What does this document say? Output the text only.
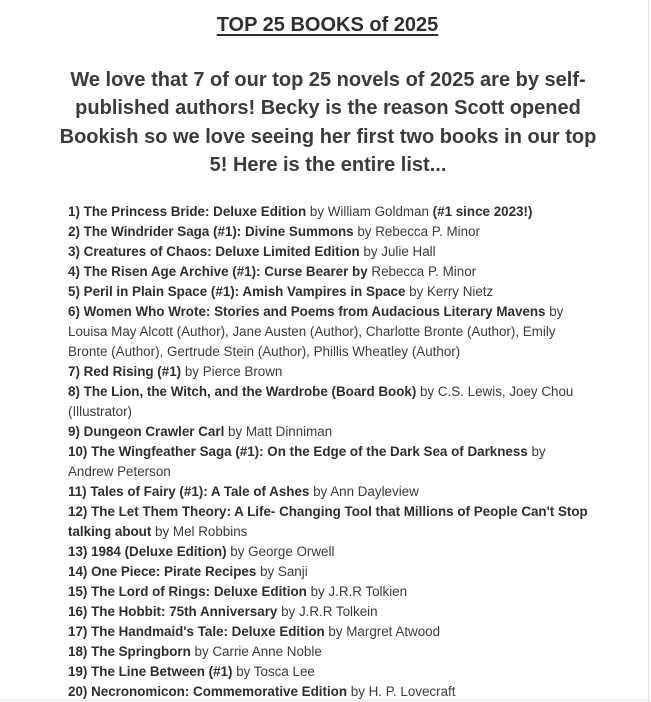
TOP 25 BOOKS of 2025

We love that 7 of our top 25 novels of 2025 are by self-published authors! Becky is the reason Scott opened Bookish so we love seeing her first two books in our top 5! Here is the entire list...

1) The Princess Bride: Deluxe Edition by William Goldman (#1 since 2023!)
2) The Windrider Saga (#1): Divine Summons by Rebecca P. Minor
3) Creatures of Chaos: Deluxe Limited Edition by Julie Hall
4) The Risen Age Archive (#1): Curse Bearer by Rebecca P. Minor
5) Peril in Plain Space (#1): Amish Vampires in Space by Kerry Nietz
6) Women Who Wrote: Stories and Poems from Audacious Literary Mavens by Louisa May Alcott (Author), Jane Austen (Author), Charlotte Bronte (Author), Emily Bronte (Author), Gertrude Stein (Author), Phillis Wheatley (Author)
7) Red Rising (#1) by Pierce Brown
8) The Lion, the Witch, and the Wardrobe (Board Book) by C.S. Lewis, Joey Chou (Illustrator)
9) Dungeon Crawler Carl by Matt Dinniman
10) The Wingfeather Saga (#1): On the Edge of the Dark Sea of Darkness by Andrew Peterson
11) Tales of Fairy (#1): A Tale of Ashes by Ann Dayleview
12) The Let Them Theory: A Life- Changing Tool that Millions of People Can't Stop talking about by Mel Robbins
13) 1984 (Deluxe Edition) by George Orwell
14) One Piece: Pirate Recipes by Sanji
15) The Lord of Rings: Deluxe Edition by J.R.R Tolkien
16) The Hobbit: 75th Anniversary by J.R.R Tolkein
17) The Handmaid's Tale: Deluxe Edition by Margret Atwood
18) The Springborn by Carrie Anne Noble
19) The Line Between (#1) by Tosca Lee
20) Necronomicon: Commemorative Edition by H. P. Lovecraft
